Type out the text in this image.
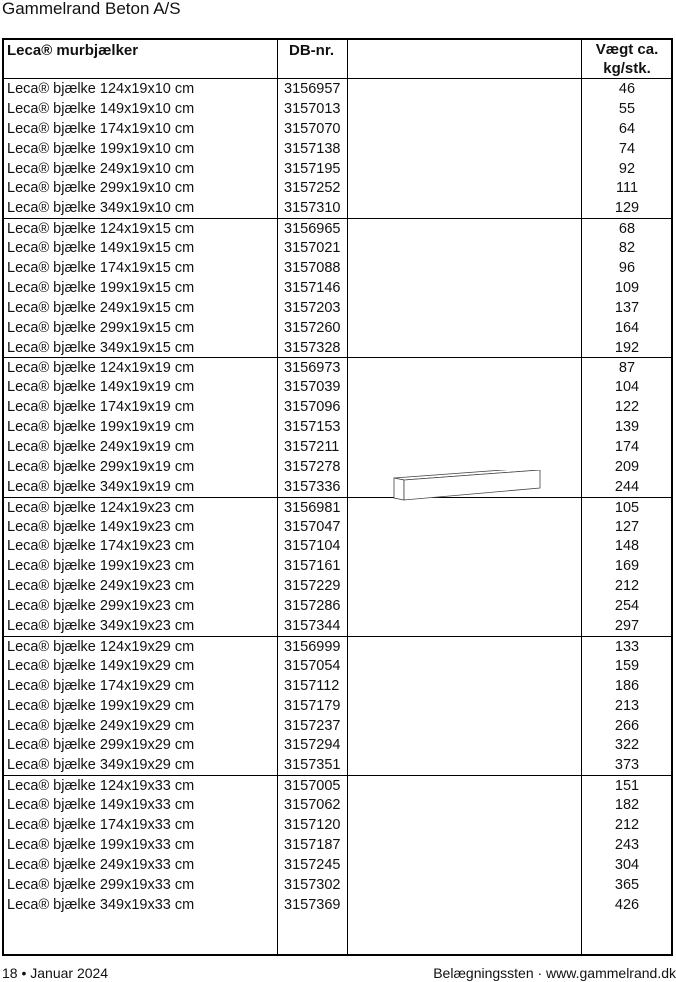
Gammelrand Beton A/S
Leca® murbjælker	DB-nr.	Vægt ca.
kg/stk.
Leca® bjælke 124x19x10 cm	3156957	46
Leca® bjælke 149x19x10 cm	3157013	55
Leca® bjælke 174x19x10 cm	3157070	64
Leca® bjælke 199x19x10 cm	3157138	74
Leca® bjælke 249x19x10 cm	3157195	92
Leca® bjælke 299x19x10 cm	3157252	111
Leca® bjælke 349x19x10 cm	3157310	129
Leca® bjælke 124x19x15 cm	3156965	68
Leca® bjælke 149x19x15 cm	3157021	82
Leca® bjælke 174x19x15 cm	3157088	96
Leca® bjælke 199x19x15 cm	3157146	109
Leca® bjælke 249x19x15 cm	3157203	137
Leca® bjælke 299x19x15 cm	3157260	164
Leca® bjælke 349x19x15 cm	3157328	192
Leca® bjælke 124x19x19 cm	3156973	87
Leca® bjælke 149x19x19 cm	3157039	104
Leca® bjælke 174x19x19 cm	3157096	122
Leca® bjælke 199x19x19 cm	3157153	139
Leca® bjælke 249x19x19 cm	3157211	174
Leca® bjælke 299x19x19 cm	3157278	209
Leca® bjælke 349x19x19 cm	3157336	244
Leca® bjælke 124x19x23 cm	3156981	105
Leca® bjælke 149x19x23 cm	3157047	127
Leca® bjælke 174x19x23 cm	3157104	148
Leca® bjælke 199x19x23 cm	3157161	169
Leca® bjælke 249x19x23 cm	3157229	212
Leca® bjælke 299x19x23 cm	3157286	254
Leca® bjælke 349x19x23 cm	3157344	297
Leca® bjælke 124x19x29 cm	3156999	133
Leca® bjælke 149x19x29 cm	3157054	159
Leca® bjælke 174x19x29 cm	3157112	186
Leca® bjælke 199x19x29 cm	3157179	213
Leca® bjælke 249x19x29 cm	3157237	266
Leca® bjælke 299x19x29 cm	3157294	322
Leca® bjælke 349x19x29 cm	3157351	373
Leca® bjælke 124x19x33 cm	3157005	151
Leca® bjælke 149x19x33 cm	3157062	182
Leca® bjælke 174x19x33 cm	3157120	212
Leca® bjælke 199x19x33 cm	3157187	243
Leca® bjælke 249x19x33 cm	3157245	304
Leca® bjælke 299x19x33 cm	3157302	365
Leca® bjælke 349x19x33 cm	3157369	426
18 • Januar 2024	Belægningssten · www.gammelrand.dk
